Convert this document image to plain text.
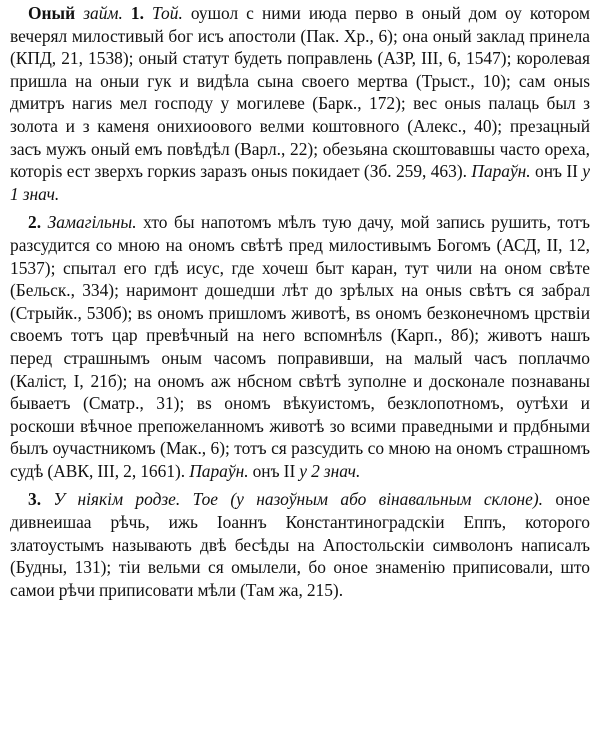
Оный займ. 1. Той. оушол с ними июда перво в оный дом оу котором вечерял милостивый бог исъ апостоли (Пак. Хр., 6); она оный заклад принела (КПД, 21, 1538); оный статут будеть поправлень (АЗР, III, 6, 1547); королевая пришла на оныи гук и видѣла сына своего мертва (Трыст., 10); сам оныs дмитръ нагиs мел господу у могилеве (Барк., 172); вес оныs палаць был з золота и з каменя онихиоового велми коштовного (Алекс., 40); презацный засъ мужъ оный емъ повѣдѣл (Варл., 22); обезьяна скоштовавшы часто ореха, которis ест зверхъ горкиs заразъ оныs покидает (Зб. 259, 463). Параўн. онъ II у 1 знач.

2. Замагільны. хто бы напотомъ мѣлъ тую дачу, мой запись рушить, тотъ разсудится со мною на ономъ свѣтѣ пред милостивымъ Богомъ (АСД, II, 12, 1537); спытал его гдѣ исус, где хочеш быт каран, тут чили на оном свѣте (Бельск., 334); наримонт дошедши лѣт до зрѣлых на оныs свѣтъ ся забрал (Стрыйк., 530б); вs ономъ пришломъ животѣ, вs ономъ безконечномъ црствіи своемъ тотъ цар превѣчный на него вспомнѣлs (Карп., 8б); животъ нашъ перед страшнымъ оным часомъ поправивши, на малый часъ поплачмо (Каліст, I, 21б); на ономъ аж нбсном свѣтѣ зуполне и досконале познаваны бываетъ (Сматр., 31); вs ономъ вѣкуистомъ, безклопотномъ, оутѣхи и роскоши вѣчное препожеланномъ животѣ зо всими праведными и прдбными былъ оучастникомъ (Мак., 6); тотъ ся разсудить со мною на ономъ страшномъ судѣ (АВК, III, 2, 1661). Параўн. онъ II у 2 знач.

3. У ніякім родзе. Тое (у назоўным або вінавальным склоне). оное дивнеишаа рѣчь, ижь Іоаннъ Константиноградскіи Еппъ, которого златоустымъ называють двѣ бесѣды на Апостольскіи символонъ написалъ (Будны, 131); тіи вельми ся омылели, бо оное знаменію приписовали, што самои рѣчи приписовати мѣли (Там жа, 215).
